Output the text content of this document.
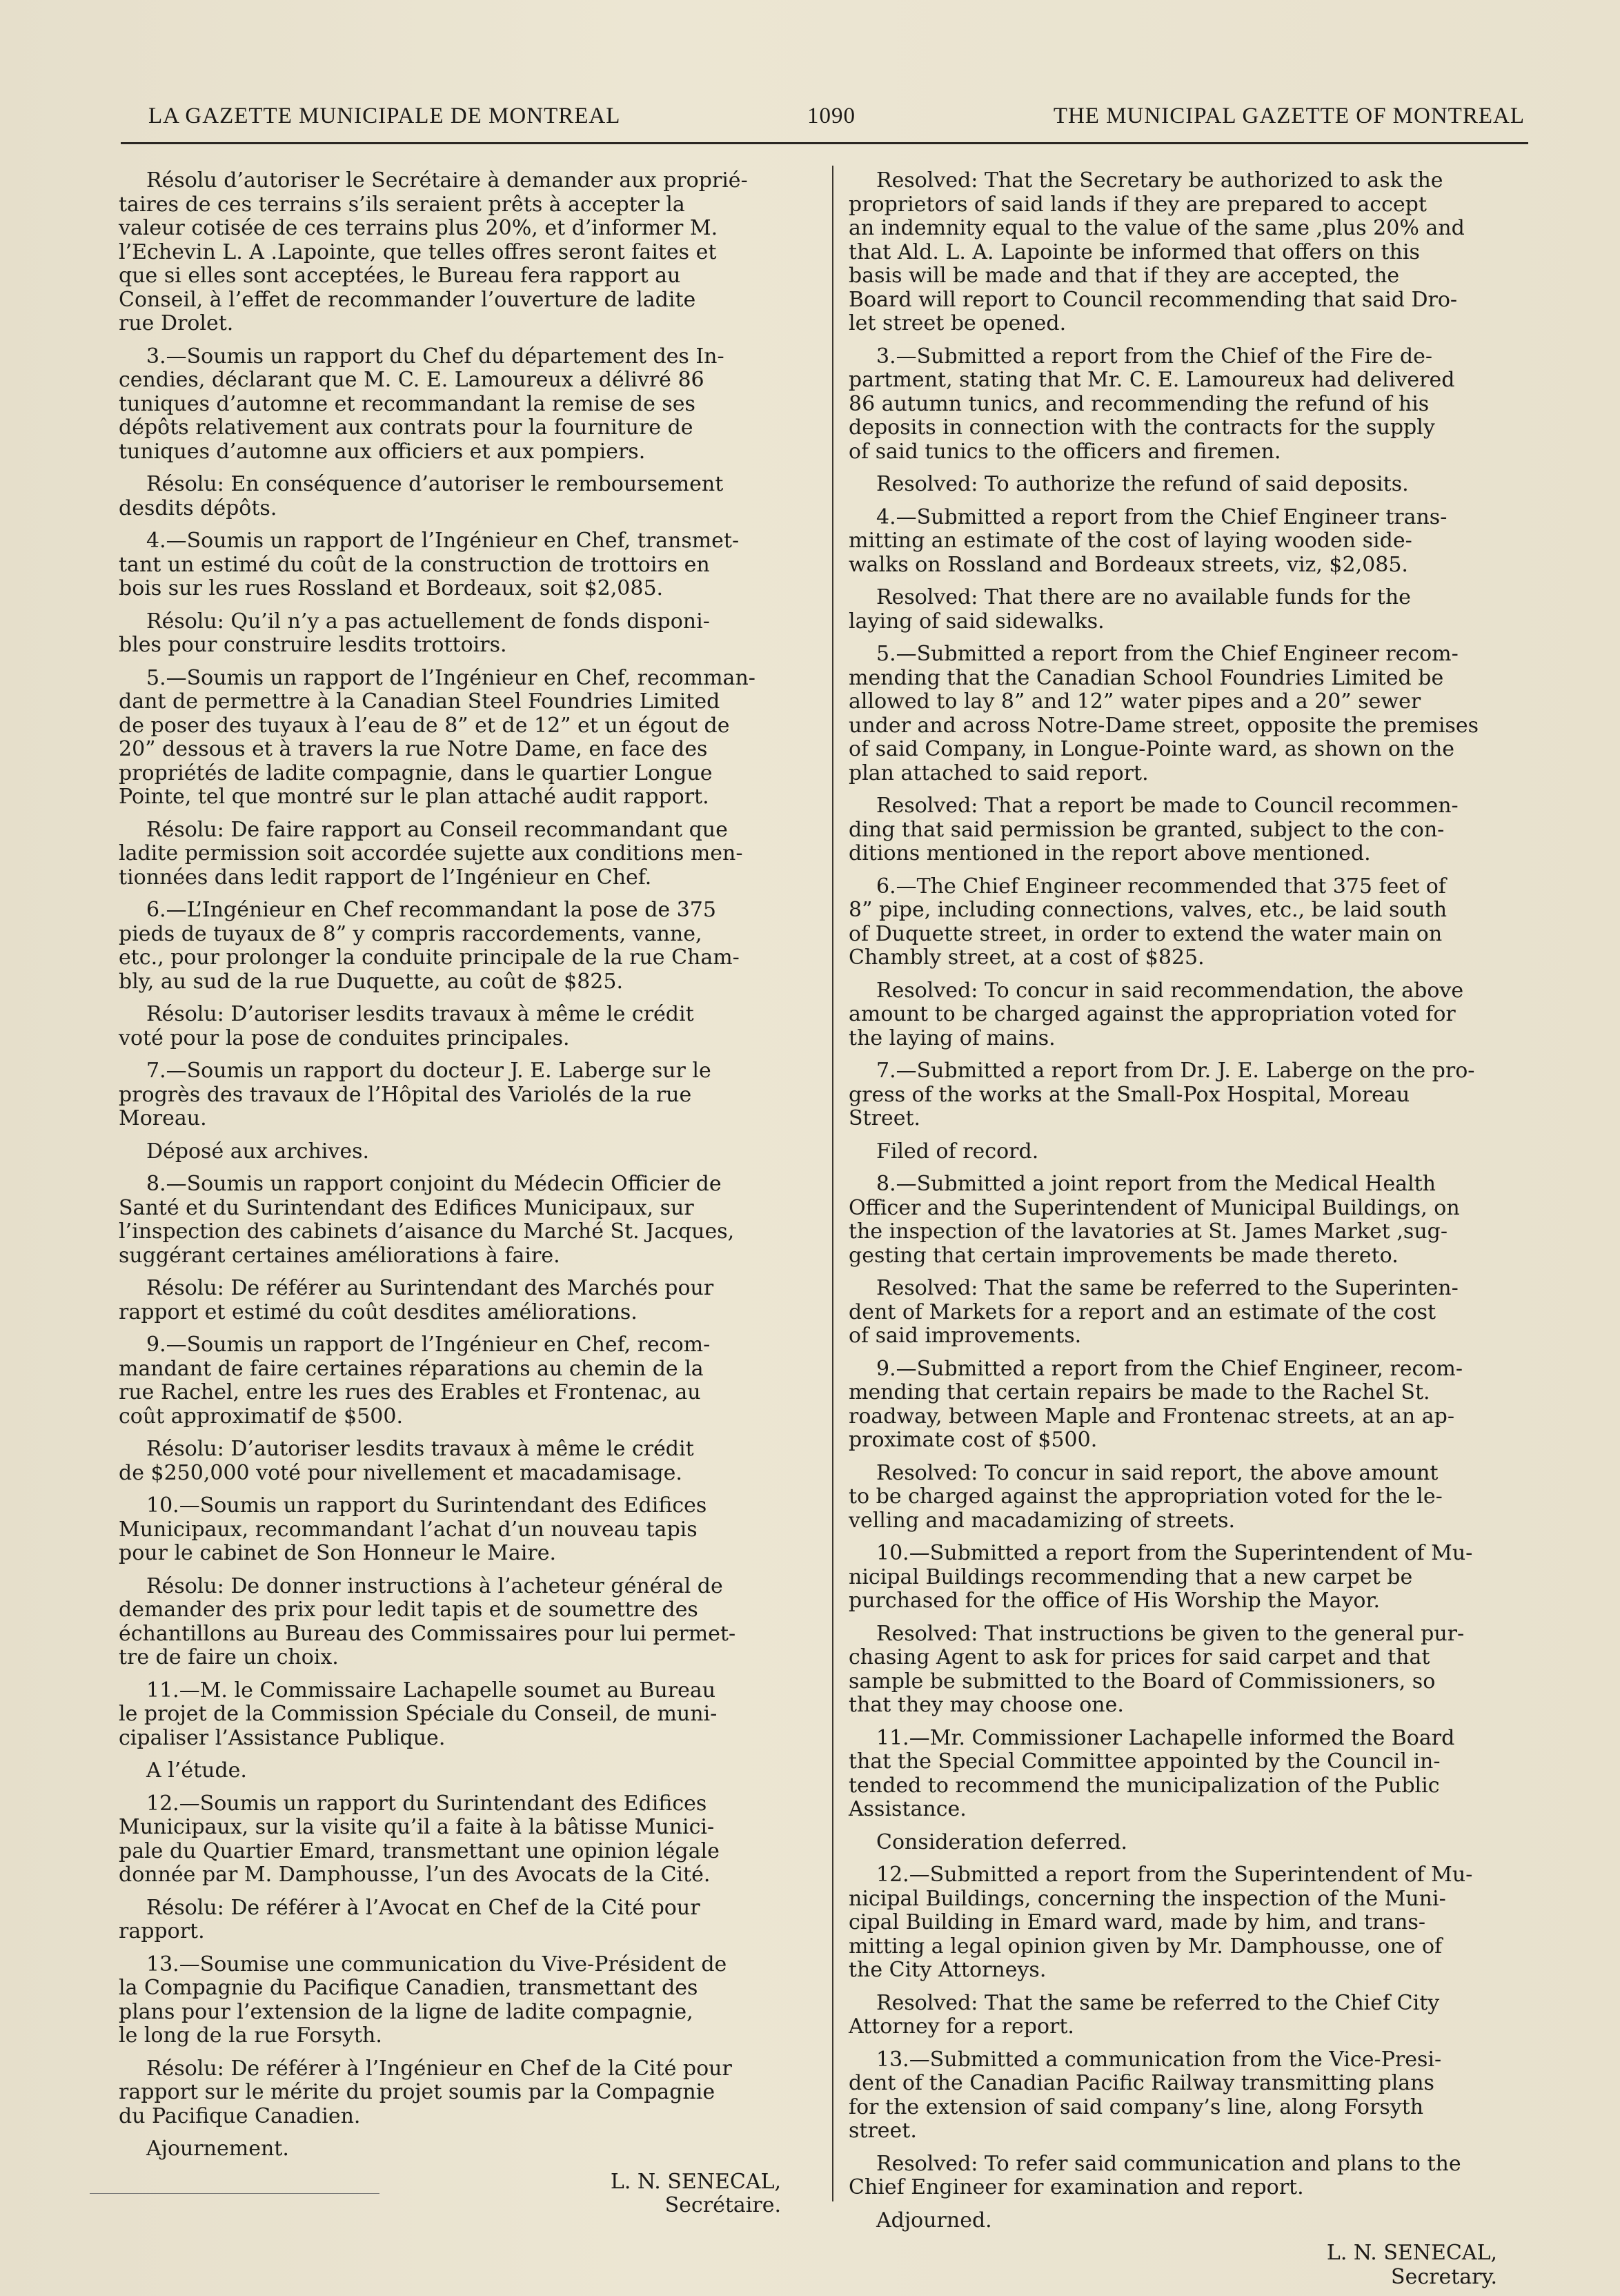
LA GAZETTE MUNICIPALE DE MONTREAL	1090	THE MUNICIPAL GAZETTE OF MONTREAL

Résolu d’autoriser le Secrétaire à demander aux proprié-
taires de ces terrains s’ils seraient prêts à accepter la
valeur cotisée de ces terrains plus 20%, et d’informer M.
l’Echevin L. A .Lapointe, que telles offres seront faites et
que si elles sont acceptées, le Bureau fera rapport au
Conseil, à l’effet de recommander l’ouverture de ladite
rue Drolet.

3.—Soumis un rapport du Chef du département des In-
cendies, déclarant que M. C. E. Lamoureux a délivré 86
tuniques d’automne et recommandant la remise de ses
dépôts relativement aux contrats pour la fourniture de
tuniques d’automne aux officiers et aux pompiers.

Résolu: En conséquence d’autoriser le remboursement
desdits dépôts.

4.—Soumis un rapport de l’Ingénieur en Chef, transmet-
tant un estimé du coût de la construction de trottoirs en
bois sur les rues Rossland et Bordeaux, soit $2,085.

Résolu: Qu’il n’y a pas actuellement de fonds disponi-
bles pour construire lesdits trottoirs.

5.—Soumis un rapport de l’Ingénieur en Chef, recomman-
dant de permettre à la Canadian Steel Foundries Limited
de poser des tuyaux à l’eau de 8” et de 12” et un égout de
20” dessous et à travers la rue Notre Dame, en face des
propriétés de ladite compagnie, dans le quartier Longue
Pointe, tel que montré sur le plan attaché audit rapport.

Résolu: De faire rapport au Conseil recommandant que
ladite permission soit accordée sujette aux conditions men-
tionnées dans ledit rapport de l’Ingénieur en Chef.

6.—L’Ingénieur en Chef recommandant la pose de 375
pieds de tuyaux de 8” y compris raccordements, vanne,
etc., pour prolonger la conduite principale de la rue Cham-
bly, au sud de la rue Duquette, au coût de $825.

Résolu: D’autoriser lesdits travaux à même le crédit
voté pour la pose de conduites principales.

7.—Soumis un rapport du docteur J. E. Laberge sur le
progrès des travaux de l’Hôpital des Variolés de la rue
Moreau.

Déposé aux archives.

8.—Soumis un rapport conjoint du Médecin Officier de
Santé et du Surintendant des Edifices Municipaux, sur
l’inspection des cabinets d’aisance du Marché St. Jacques,
suggérant certaines améliorations à faire.

Résolu: De référer au Surintendant des Marchés pour
rapport et estimé du coût desdites améliorations.

9.—Soumis un rapport de l’Ingénieur en Chef, recom-
mandant de faire certaines réparations au chemin de la
rue Rachel, entre les rues des Erables et Frontenac, au
coût approximatif de $500.

Résolu: D’autoriser lesdits travaux à même le crédit
de $250,000 voté pour nivellement et macadamisage.

10.—Soumis un rapport du Surintendant des Edifices
Municipaux, recommandant l’achat d’un nouveau tapis
pour le cabinet de Son Honneur le Maire.

Résolu: De donner instructions à l’acheteur général de
demander des prix pour ledit tapis et de soumettre des
échantillons au Bureau des Commissaires pour lui permet-
tre de faire un choix.

11.—M. le Commissaire Lachapelle soumet au Bureau
le projet de la Commission Spéciale du Conseil, de muni-
cipaliser l’Assistance Publique.

A l’étude.

12.—Soumis un rapport du Surintendant des Edifices
Municipaux, sur la visite qu’il a faite à la bâtisse Munici-
pale du Quartier Emard, transmettant une opinion légale
donnée par M. Damphousse, l’un des Avocats de la Cité.

Résolu: De référer à l’Avocat en Chef de la Cité pour
rapport.

13.—Soumise une communication du Vive-Président de
la Compagnie du Pacifique Canadien, transmettant des
plans pour l’extension de la ligne de ladite compagnie,
le long de la rue Forsyth.

Résolu: De référer à l’Ingénieur en Chef de la Cité pour
rapport sur le mérite du projet soumis par la Compagnie
du Pacifique Canadien.

Ajournement.

L. N. SENECAL,
Secrétaire.

Resolved: That the Secretary be authorized to ask the
proprietors of said lands if they are prepared to accept
an indemnity equal to the value of the same ,plus 20% and
that Ald. L. A. Lapointe be informed that offers on this
basis will be made and that if they are accepted, the
Board will report to Council recommending that said Dro-
let street be opened.

3.—Submitted a report from the Chief of the Fire de-
partment, stating that Mr. C. E. Lamoureux had delivered
86 autumn tunics, and recommending the refund of his
deposits in connection with the contracts for the supply
of said tunics to the officers and firemen.

Resolved: To authorize the refund of said deposits.

4.—Submitted a report from the Chief Engineer trans-
mitting an estimate of the cost of laying wooden side-
walks on Rossland and Bordeaux streets, viz, $2,085.

Resolved: That there are no available funds for the
laying of said sidewalks.

5.—Submitted a report from the Chief Engineer recom-
mending that the Canadian School Foundries Limited be
allowed to lay 8” and 12” water pipes and a 20” sewer
under and across Notre-Dame street, opposite the premises
of said Company, in Longue-Pointe ward, as shown on the
plan attached to said report.

Resolved: That a report be made to Council recommen-
ding that said permission be granted, subject to the con-
ditions mentioned in the report above mentioned.

6.—The Chief Engineer recommended that 375 feet of
8” pipe, including connections, valves, etc., be laid south
of Duquette street, in order to extend the water main on
Chambly street, at a cost of $825.

Resolved: To concur in said recommendation, the above
amount to be charged against the appropriation voted for
the laying of mains.

7.—Submitted a report from Dr. J. E. Laberge on the pro-
gress of the works at the Small-Pox Hospital, Moreau
Street.

Filed of record.

8.—Submitted a joint report from the Medical Health
Officer and the Superintendent of Municipal Buildings, on
the inspection of the lavatories at St. James Market ,sug-
gesting that certain improvements be made thereto.

Resolved: That the same be referred to the Superinten-
dent of Markets for a report and an estimate of the cost
of said improvements.

9.—Submitted a report from the Chief Engineer, recom-
mending that certain repairs be made to the Rachel St.
roadway, between Maple and Frontenac streets, at an ap-
proximate cost of $500.

Resolved: To concur in said report, the above amount
to be charged against the appropriation voted for the le-
velling and macadamizing of streets.

10.—Submitted a report from the Superintendent of Mu-
nicipal Buildings recommending that a new carpet be
purchased for the office of His Worship the Mayor.

Resolved: That instructions be given to the general pur-
chasing Agent to ask for prices for said carpet and that
sample be submitted to the Board of Commissioners, so
that they may choose one.

11.—Mr. Commissioner Lachapelle informed the Board
that the Special Committee appointed by the Council in-
tended to recommend the municipalization of the Public
Assistance.

Consideration deferred.

12.—Submitted a report from the Superintendent of Mu-
nicipal Buildings, concerning the inspection of the Muni-
cipal Building in Emard ward, made by him, and trans-
mitting a legal opinion given by Mr. Damphousse, one of
the City Attorneys.

Resolved: That the same be referred to the Chief City
Attorney for a report.

13.—Submitted a communication from the Vice-Presi-
dent of the Canadian Pacific Railway transmitting plans
for the extension of said company’s line, along Forsyth
street.

Resolved: To refer said communication and plans to the
Chief Engineer for examination and report.

Adjourned.

L. N. SENECAL,
Secretary.
